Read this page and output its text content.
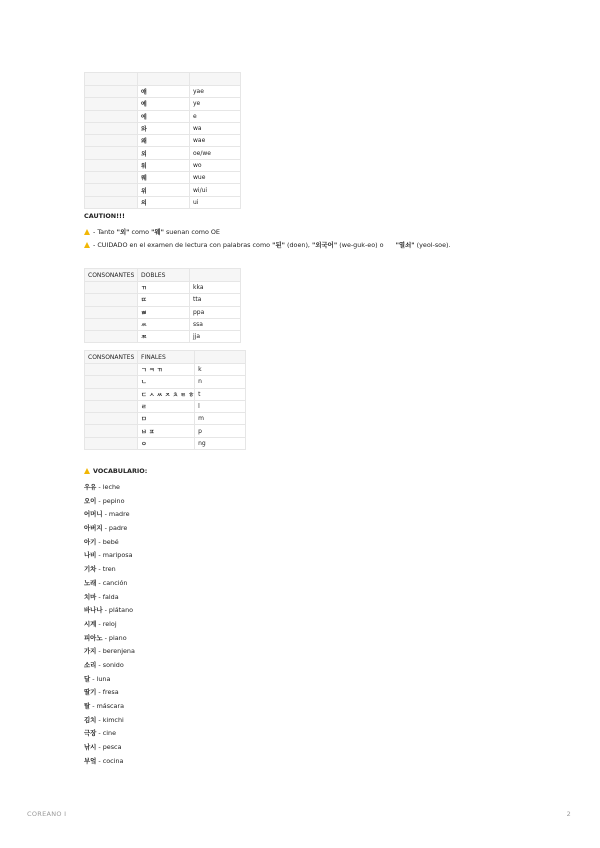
	얘	yae
	예	ye
	에	e
	와	wa
	왜	wae
	외	oe/we
	워	wo
	웨	wue
	위	wi/ui
	의	ui
CAUTION!!!
- Tanto "외" como "웨" suenan como OE
- CUIDADO en el examen de lectura con palabras como "된" (doen), "외국어" (we-guk-eo) o "열쇠" (yeol-soe).
CONSONANTES	DOBLES	
	ㄲ	kka
	ㄸ	tta
	ㅃ	ppa
	ㅆ	ssa
	ㅉ	jja
CONSONANTES	FINALES	
	ㄱ ㅋ ㄲ	k
	ㄴ	n
	ㄷ ㅅ ㅆ ㅈ ㅊ ㅌ ㅎ	t
	ㄹ	l
	ㅁ	m
	ㅂ ㅍ	p
	ㅇ	ng
VOCABULARIO:
우유 - leche
오이 - pepino
어머니 - madre
아버지 - padre
아기 - bebé
나비 - mariposa
기차 - tren
노래 - canción
치마 - falda
바나나 - plátano
시계 - reloj
피아노 - piano
가지 - berenjena
소리 - sonido
달 - luna
딸기 - fresa
탈 - máscara
김치 - kimchi
극장 - cine
낚시 - pesca
부엌 - cocina
COREANO I	2
